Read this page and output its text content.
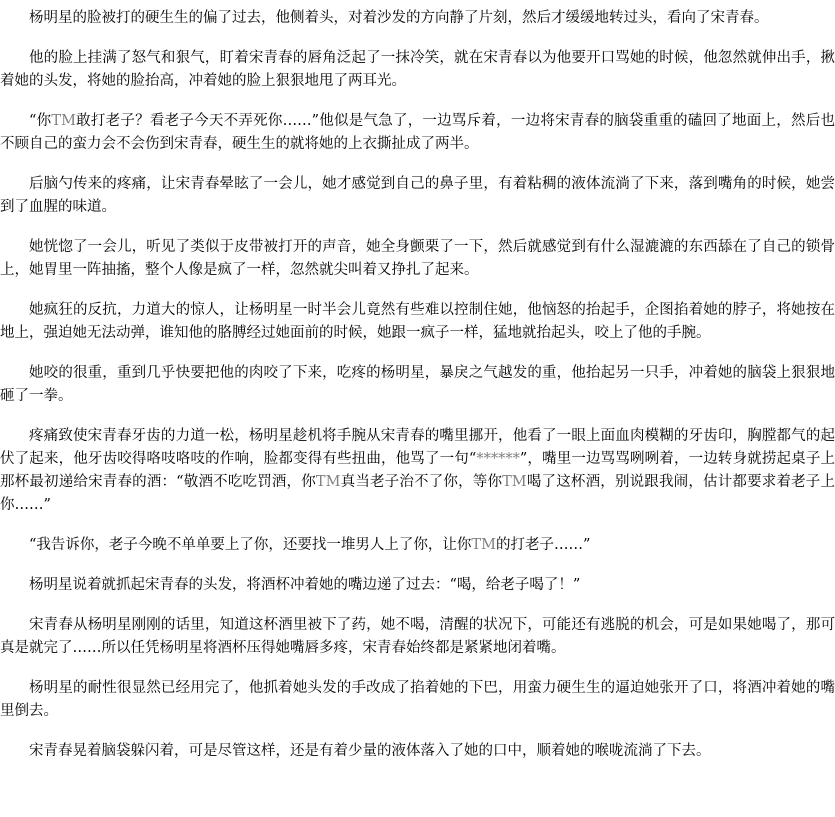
杨明星的脸被打的硬生生的偏了过去，他侧着头，对着沙发的方向静了片刻，然后才缓缓地转过头，看向了宋青春。

他的脸上挂满了怒气和狠气，盯着宋青春的唇角泛起了一抹冷笑，就在宋青春以为他要开口骂她的时候，他忽然就伸出手，揪着她的头发，将她的脸抬高，冲着她的脸上狠狠地甩了两耳光。

“你TM敢打老子？看老子今天不弄死你……”他似是气急了，一边骂斥着，一边将宋青春的脑袋重重的磕回了地面上，然后也不顾自己的蛮力会不会伤到宋青春，硬生生的就将她的上衣撕扯成了两半。

后脑勺传来的疼痛，让宋青春晕眩了一会儿，她才感觉到自己的鼻子里，有着粘稠的液体流淌了下来，落到嘴角的时候，她尝到了血腥的味道。

她恍惚了一会儿，听见了类似于皮带被打开的声音，她全身颤栗了一下，然后就感觉到有什么湿漉漉的东西舔在了自己的锁骨上，她胃里一阵抽搐，整个人像是疯了一样，忽然就尖叫着又挣扎了起来。

她疯狂的反抗，力道大的惊人，让杨明星一时半会儿竟然有些难以控制住她，他恼怒的抬起手，企图掐着她的脖子，将她按在地上，强迫她无法动弹，谁知他的胳膊经过她面前的时候，她跟一疯子一样，猛地就抬起头，咬上了他的手腕。

她咬的很重，重到几乎快要把他的肉咬了下来，吃疼的杨明星，暴戾之气越发的重，他抬起另一只手，冲着她的脑袋上狠狠地砸了一拳。

疼痛致使宋青春牙齿的力道一松，杨明星趁机将手腕从宋青春的嘴里挪开，他看了一眼上面血肉模糊的牙齿印，胸膛都气的起伏了起来，他牙齿咬得咯吱咯吱的作响，脸都变得有些扭曲，他骂了一句“******”，嘴里一边骂骂咧咧着，一边转身就捞起桌子上那杯最初递给宋青春的酒：“敬酒不吃吃罚酒，你TM真当老子治不了你，等你TM喝了这杯酒，别说跟我闹，估计都要求着老子上你……”

“我告诉你，老子今晚不单单要上了你，还要找一堆男人上了你，让你TM的打老子……”

杨明星说着就抓起宋青春的头发，将酒杯冲着她的嘴边递了过去：“喝，给老子喝了！”

宋青春从杨明星刚刚的话里，知道这杯酒里被下了药，她不喝，清醒的状况下，可能还有逃脱的机会，可是如果她喝了，那可真是就完了……所以任凭杨明星将酒杯压得她嘴唇多疼，宋青春始终都是紧紧地闭着嘴。

杨明星的耐性很显然已经用完了，他抓着她头发的手改成了掐着她的下巴，用蛮力硬生生的逼迫她张开了口，将酒冲着她的嘴里倒去。

宋青春晃着脑袋躲闪着，可是尽管这样，还是有着少量的液体落入了她的口中，顺着她的喉咙流淌了下去。
